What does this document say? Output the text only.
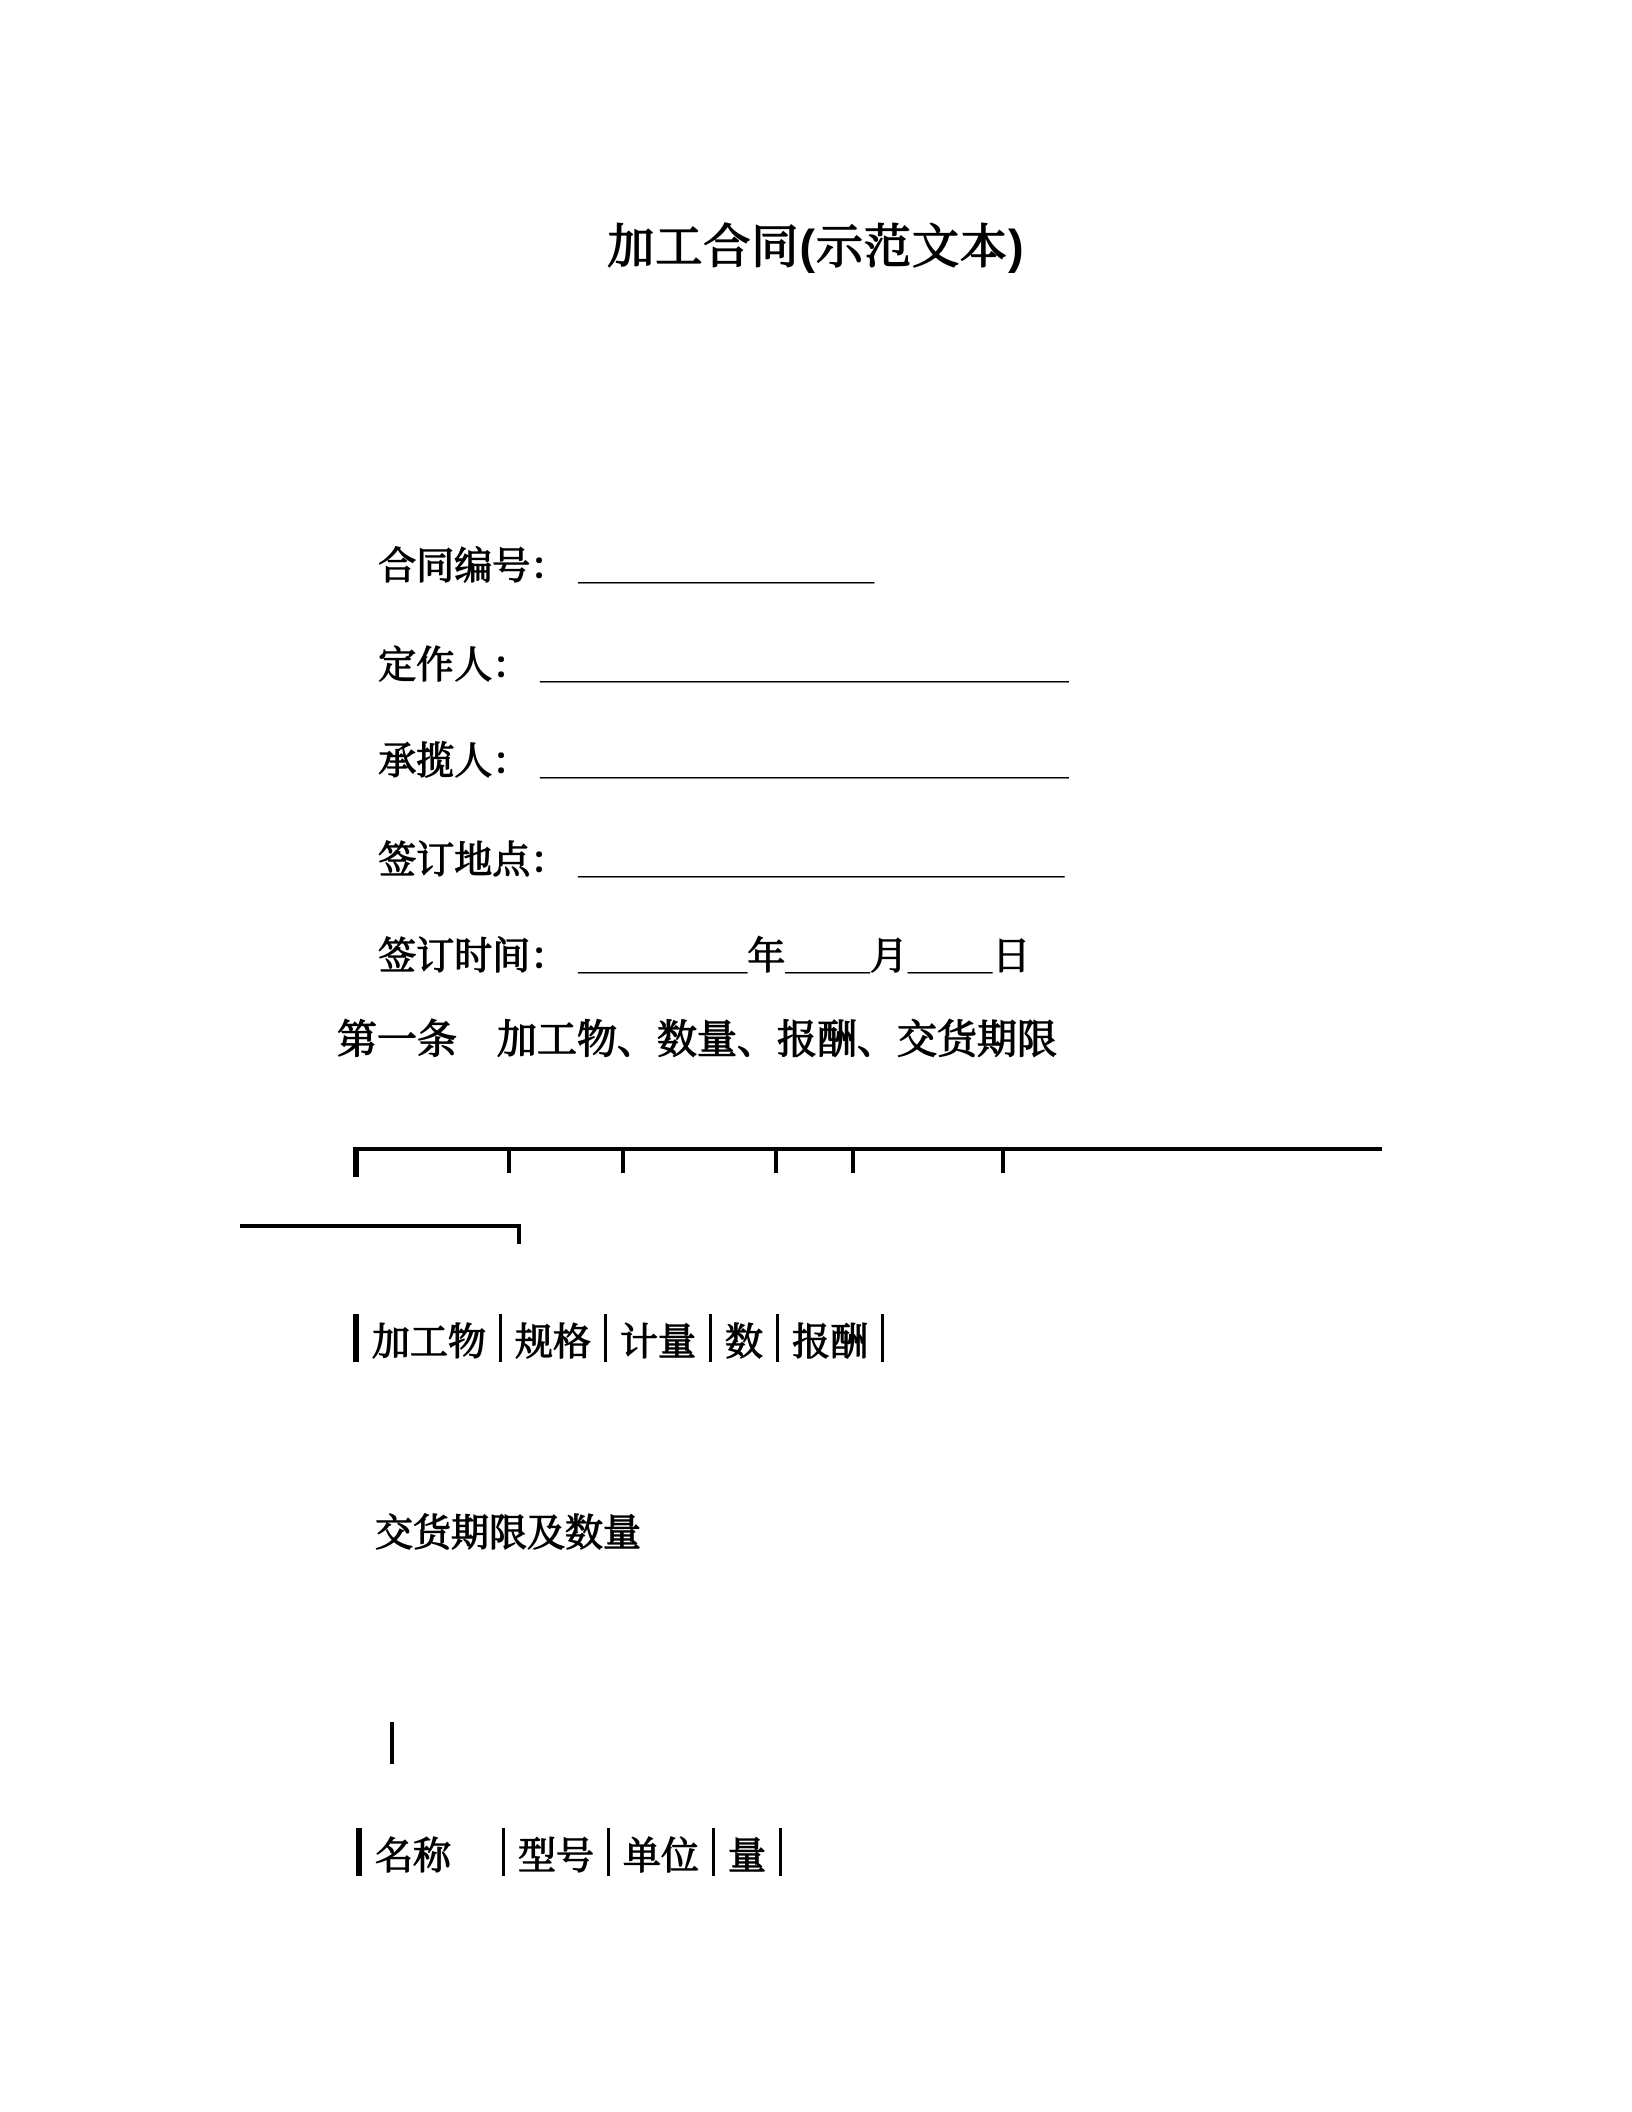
加工合同(示范文本)

合同编号： ______________

定作人： _________________________

承揽人： _________________________

签订地点： _______________________

签订时间： ________年____月____日

第一条　加工物、数量、报酬、交货期限
加工物 规格 计量 数 报酬
交货期限及数量
名称　 型号 单位 量
